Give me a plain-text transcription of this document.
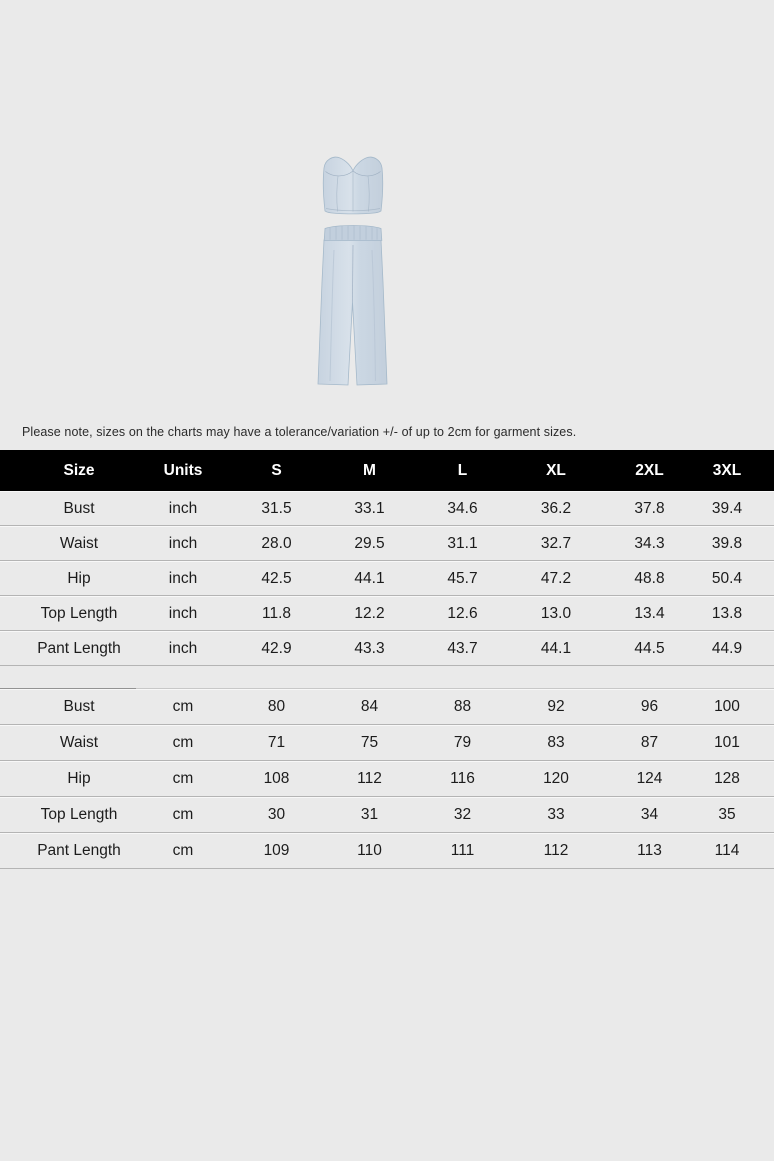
Please note, sizes on the charts may have a tolerance/variation +/- of up to 2cm for garment sizes.
Size	Units	S	M	L	XL	2XL	3XL
Bust	inch	31.5	33.1	34.6	36.2	37.8	39.4
Waist	inch	28.0	29.5	31.1	32.7	34.3	39.8
Hip	inch	42.5	44.1	45.7	47.2	48.8	50.4
Top Length	inch	11.8	12.2	12.6	13.0	13.4	13.8
Pant Length	inch	42.9	43.3	43.7	44.1	44.5	44.9

Bust	cm	80	84	88	92	96	100
Waist	cm	71	75	79	83	87	101
Hip	cm	108	112	116	120	124	128
Top Length	cm	30	31	32	33	34	35
Pant Length	cm	109	110	111	112	113	114
